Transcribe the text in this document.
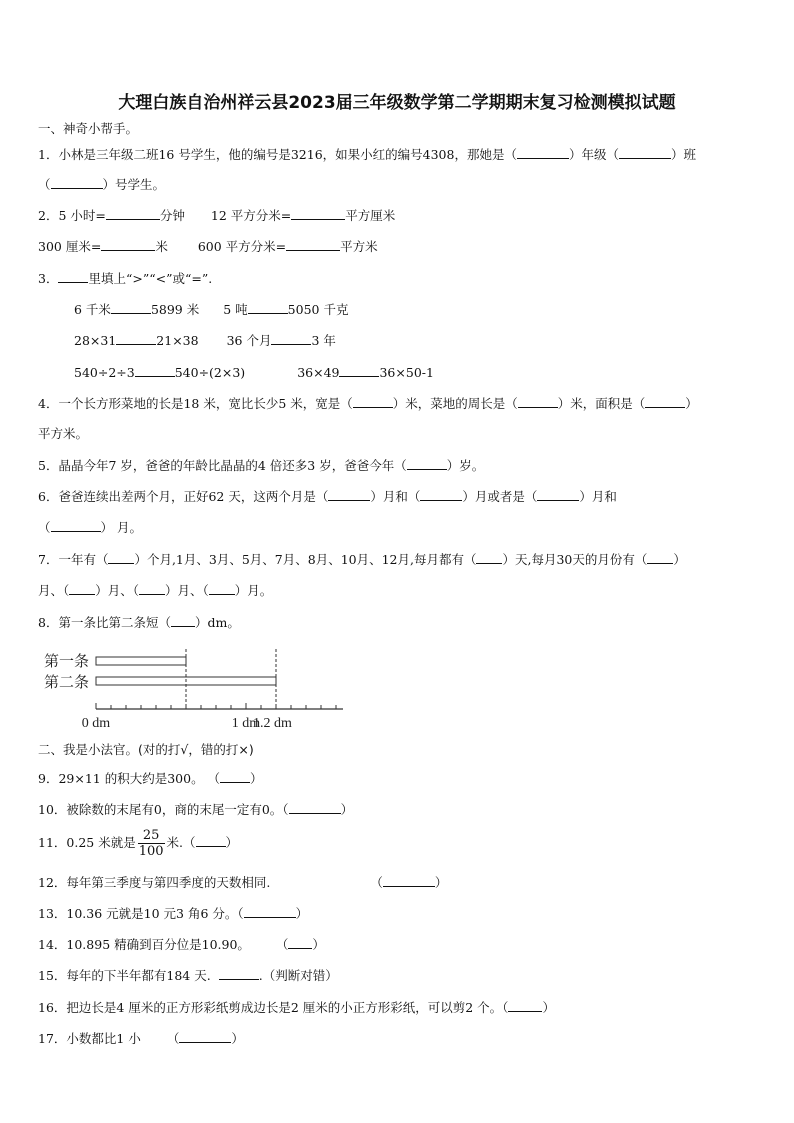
大理白族自治州祥云县2023届三年级数学第二学期期末复习检测模拟试题
一、神奇小帮手。
1．小林是三年级二班16 号学生，他的编号是3216，如果小红的编号4308，那她是（	）年级（	）班
（	）号学生。
2．5 小时=	分钟 12 平方分米=	平方厘米
300 厘米=	米 600 平方分米=	平方米
3． 里填上“>”“<”或“=”.
6 千米	5899 米 5 吨	5050 千克
28×31	21×38 36 个月	3 年
540÷2÷3	540÷(2×3)	36×49	36×50-1
4．一个长方形菜地的长是18 米，宽比长少5 米，宽是（	）米，菜地的周长是（	）米，面积是（	）
平方米。
5．晶晶今年7 岁，爸爸的年龄比晶晶的4 倍还多3 岁，爸爸今年（	）岁。
6．爸爸连续出差两个月，正好62 天，这两个月是（	）月和（	）月或者是（	）月和
（	） 月。
7．一年有（ ）个月,1月、3月、5月、7月、8月、10月、12月,每月都有（ ）天,每月30天的月份有（ ）
月、（ ）月、（ ）月、（ ）月。
8．第一条比第二条短（ ）dm。
第一条
第二条
0 dm	1 dm
1.2 dm
二、我是小法官。(对的打√，错的打×)
9．29×11 的积大约是300。 （ ）
10．被除数的末尾有0，商的末尾一定有0。（	）
11．0.25 米就是 $\frac{25}{100}$ 米.（ ）
12．每年第三季度与第四季度的天数相同.	（	）
13．10.36 元就是10 元3 角6 分。（	）
14．10.895 精确到百分位是10.90。 （ ）
15．每年的下半年都有184 天.	.（判断对错）
16．把边长是4 厘米的正方形彩纸剪成边长是2 厘米的小正方形彩纸，可以剪2 个。（	）
17．小数都比1 小 （	）
